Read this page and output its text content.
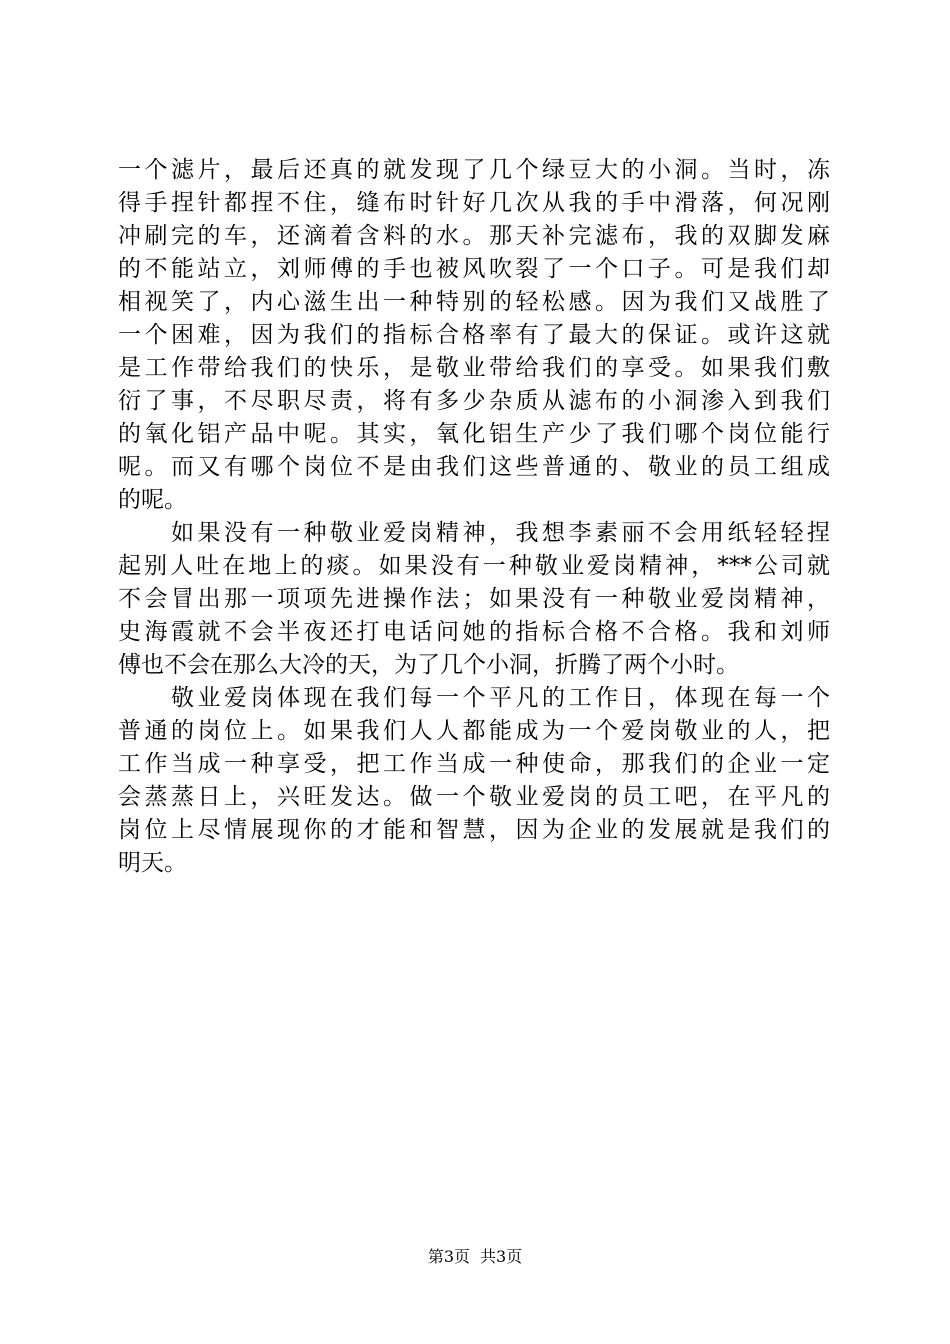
一个滤片，最后还真的就发现了几个绿豆大的小洞。当时，冻
得手捏针都捏不住，缝布时针好几次从我的手中滑落，何况刚
冲刷完的车，还滴着含料的水。那天补完滤布，我的双脚发麻
的不能站立，刘师傅的手也被风吹裂了一个口子。可是我们却
相视笑了，内心滋生出一种特别的轻松感。因为我们又战胜了
一个困难，因为我们的指标合格率有了最大的保证。或许这就
是工作带给我们的快乐，是敬业带给我们的享受。如果我们敷
衍了事，不尽职尽责，将有多少杂质从滤布的小洞渗入到我们
的氧化铝产品中呢。其实，氧化铝生产少了我们哪个岗位能行
呢。而又有哪个岗位不是由我们这些普通的、敬业的员工组成
的呢。
　　如果没有一种敬业爱岗精神，我想李素丽不会用纸轻轻捏
起别人吐在地上的痰。如果没有一种敬业爱岗精神，***公司就
不会冒出那一项项先进操作法；如果没有一种敬业爱岗精神，
史海霞就不会半夜还打电话问她的指标合格不合格。我和刘师
傅也不会在那么大冷的天，为了几个小洞，折腾了两个小时。
　　敬业爱岗体现在我们每一个平凡的工作日，体现在每一个
普通的岗位上。如果我们人人都能成为一个爱岗敬业的人，把
工作当成一种享受，把工作当成一种使命，那我们的企业一定
会蒸蒸日上，兴旺发达。做一个敬业爱岗的员工吧，在平凡的
岗位上尽情展现你的才能和智慧，因为企业的发展就是我们的
明天。
第3页 共3页
